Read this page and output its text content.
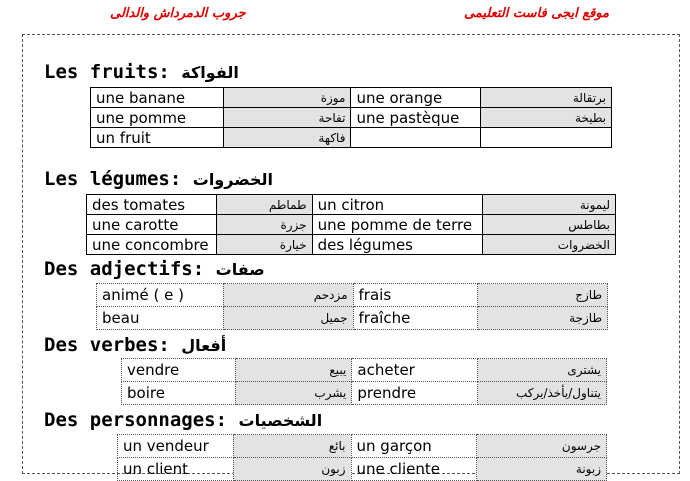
جروب الدمرداش والدالى	موقع ايجى فاست التعليمى
Les fruits: الفواكة
une banane	موزة	une orange	برتقالة
une pomme	تفاحة	une pastèque	بطيخة
un fruit	فاكهة		
Les légumes: الخضروات
des tomates	طماطم	un citron	ليمونة
une carotte	جزرة	une pomme de terre	بطاطس
une concombre	خيارة	des légumes	الخضروات
Des adjectifs: صفات
animé ( e )	مزدحم	frais	طازج
beau	جميل	fraîche	طازجة
Des verbes: أفعال
vendre	يبيع	acheter	يشترى
boire	يشرب	prendre	يتناول/يأخذ/يركب
Des personnages: الشخصيات
un vendeur	بائع	un garçon	جرسون
un client	زبون	une cliente	زبونة
